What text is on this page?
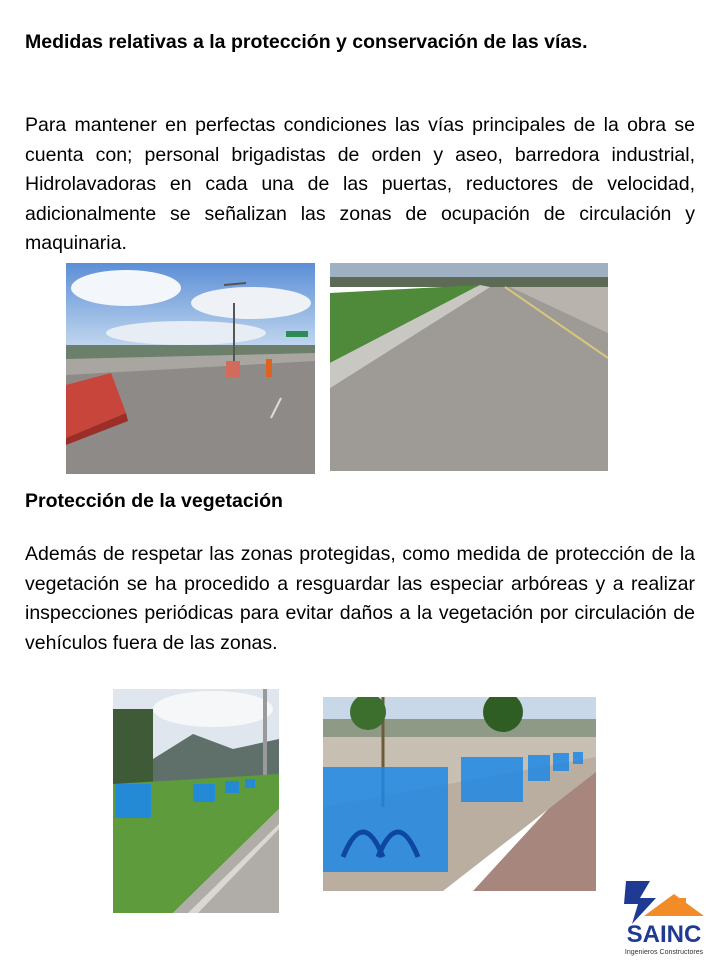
Medidas relativas a la protección y conservación de las vías.

Para mantener en perfectas condiciones las vías principales de la obra se cuenta con; personal brigadistas de orden y aseo, barredora industrial, Hidrolavadoras en cada una de las puertas, reductores de velocidad, adicionalmente se señalizan las zonas de ocupación de circulación y maquinaria.

Protección de la vegetación

Además de respetar las zonas protegidas, como medida de protección de la vegetación se ha procedido a resguardar las especiar arbóreas y a realizar inspecciones periódicas para evitar daños a la vegetación por circulación de vehículos fuera de las zonas.

SAINC
Ingenieros Constructores
